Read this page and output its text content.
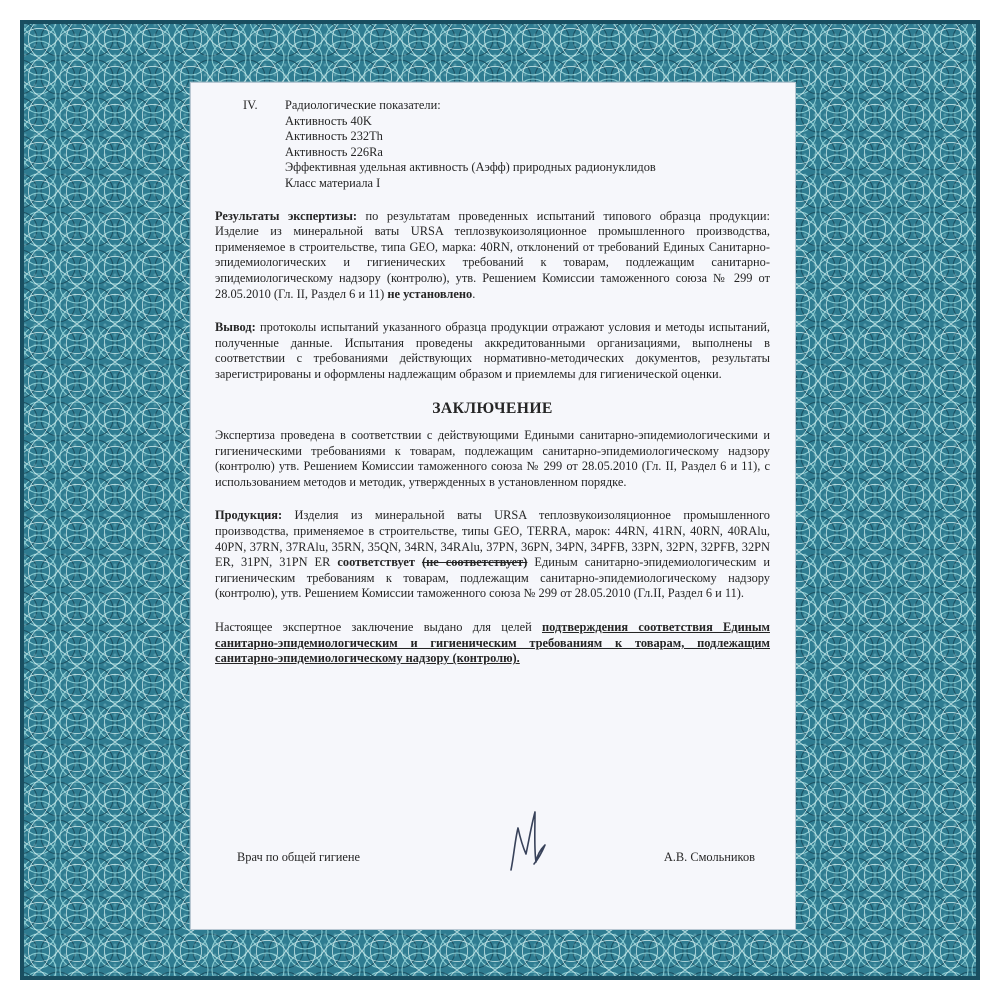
IV.	Радиологические показатели:
Активность 40K
Активность 232Th
Активность 226Ra
Эффективная удельная активность (Аэфф) природных радионуклидов
Класс материала I

Результаты экспертизы: по результатам проведенных испытаний типового образца продукции: Изделие из минеральной ваты URSA теплозвукоизоляционное промышленного производства, применяемое в строительстве, типа GEO, марка: 40RN, отклонений от требований Единых Санитарно-эпидемиологических и гигиенических требований к товарам, подлежащим санитарно-эпидемиологическому надзору (контролю), утв. Решением Комиссии таможенного союза № 299 от 28.05.2010 (Гл. II, Раздел 6 и 11) не установлено.

Вывод: протоколы испытаний указанного образца продукции отражают условия и методы испытаний, полученные данные. Испытания проведены аккредитованными организациями, выполнены в соответствии с требованиями действующих нормативно-методических документов, результаты зарегистрированы и оформлены надлежащим образом и приемлемы для гигиенической оценки.

ЗАКЛЮЧЕНИЕ

Экспертиза проведена в соответствии с действующими Едиными санитарно-эпидемиологическими и гигиеническими требованиями к товарам, подлежащим санитарно-эпидемиологическому надзору (контролю) утв. Решением Комиссии таможенного союза № 299 от 28.05.2010 (Гл. II, Раздел 6 и 11), с использованием методов и методик, утвержденных в установленном порядке.

Продукция: Изделия из минеральной ваты URSA теплозвукоизоляционное промышленного производства, применяемое в строительстве, типы GEO, TERRA, марок: 44RN, 41RN, 40RN, 40RAlu, 40PN, 37RN, 37RAlu, 35RN, 35QN, 34RN, 34RAlu, 37PN, 36PN, 34PN, 34PFB, 33PN, 32PN, 32PFB, 32PN ER, 31PN, 31PN ER соответствует (не соответствует) Единым санитарно-эпидемиологическим и гигиеническим требованиям к товарам, подлежащим санитарно-эпидемиологическому надзору (контролю), утв. Решением Комиссии таможенного союза № 299 от 28.05.2010 (Гл.II, Раздел 6 и 11).

Настоящее экспертное заключение выдано для целей подтверждения соответствия Единым санитарно-эпидемиологическим и гигиеническим требованиям к товарам, подлежащим санитарно-эпидемиологическому надзору (контролю).

Врач по общей гигиене	А.В. Смольников
